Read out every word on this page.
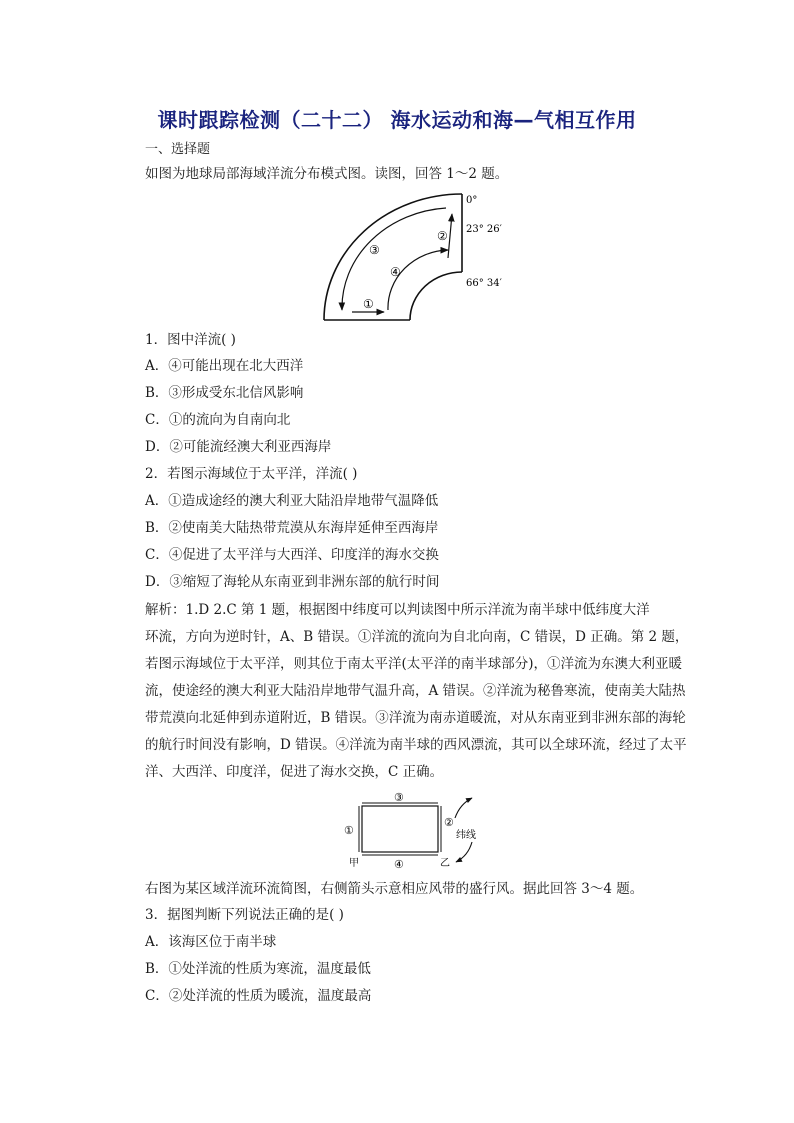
课时跟踪检测（二十二） 海水运动和海—气相互作用
一、选择题
如图为地球局部海域洋流分布模式图。读图，回答 1～2 题。
0°
23° 26′
66° 34′
③
②
④
①
1．图中洋流( )
A．④可能出现在北大西洋
B．③形成受东北信风影响
C．①的流向为自南向北
D．②可能流经澳大利亚西海岸
2．若图示海域位于太平洋，洋流( )
A．①造成途经的澳大利亚大陆沿岸地带气温降低
B．②使南美大陆热带荒漠从东海岸延伸至西海岸
C．④促进了太平洋与大西洋、印度洋的海水交换
D．③缩短了海轮从东南亚到非洲东部的航行时间
解析：1.D 2.C 第 1 题，根据图中纬度可以判读图中所示洋流为南半球中低纬度大洋
环流，方向为逆时针，A、B 错误。①洋流的流向为自北向南，C 错误，D 正确。第 2 题，
若图示海域位于太平洋，则其位于南太平洋(太平洋的南半球部分)，①洋流为东澳大利亚暖
流，使途经的澳大利亚大陆沿岸地带气温升高，A 错误。②洋流为秘鲁寒流，使南美大陆热
带荒漠向北延伸到赤道附近，B 错误。③洋流为南赤道暖流，对从东南亚到非洲东部的海轮
的航行时间没有影响，D 错误。④洋流为南半球的西风漂流，其可以全球环流，经过了太平
洋、大西洋、印度洋，促进了海水交换，C 正确。
③
①
②
④
甲	乙
纬线
右图为某区域洋流环流简图，右侧箭头示意相应风带的盛行风。据此回答 3～4 题。
3．据图判断下列说法正确的是( )
A．该海区位于南半球
B．①处洋流的性质为寒流，温度最低
C．②处洋流的性质为暖流，温度最高
